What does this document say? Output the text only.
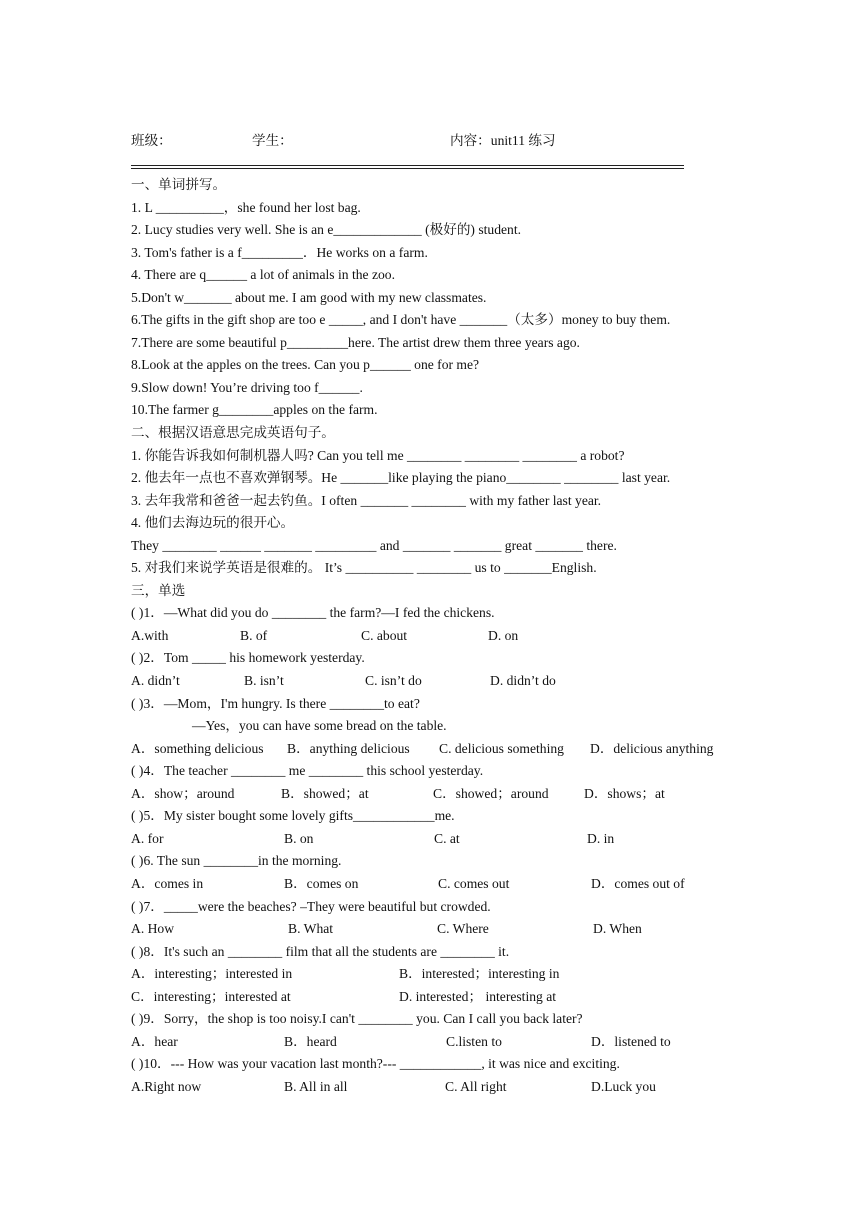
班级：	学生：	内容：unit11 练习
一、单词拼写。
1. L __________，she found her lost bag.
2. Lucy studies very well. She is an e_____________ (极好的) student.
3. Tom's father is a f_________．He works on a farm.
4. There are q______ a lot of animals in the zoo.
5.Don't w_______ about me. I am good with my new classmates.
6.The gifts in the gift shop are too e _____, and I don't have _______（太多）money to buy them.
7.There are some beautiful p_________here. The artist drew them three years ago.
8.Look at the apples on the trees. Can you p______ one for me?
9.Slow down! You’re driving too f______.
10.The farmer g________apples on the farm.
二、根据汉语意思完成英语句子。
1. 你能告诉我如何制机器人吗? Can you tell me ________ ________ ________ a robot?
2. 他去年一点也不喜欢弹钢琴。He _______like playing the piano________ ________ last year.
3. 去年我常和爸爸一起去钓鱼。I often _______ ________ with my father last year.
4. 他们去海边玩的很开心。
They ________ ______ _______ _________ and _______ _______ great _______ there.
5. 对我们来说学英语是很难的。 It’s __________ ________ us to _______English.
三，单选
( )1．—What did you do ________ the farm?—I fed the chickens.
A.with	B. of	C. about	D. on
( )2．Tom _____ his homework yesterday.
A. didn’t	B. isn’t	C. isn’t do	D. didn’t do
( )3．—Mom，I'm hungry. Is there ________to eat?
—Yes，you can have some bread on the table.
A．something delicious B．anything delicious C. delicious something D．delicious anything
( )4．The teacher ________ me ________ this school yesterday.
A．show；around	B．showed；at	C．showed；around	D．shows；at
( )5．My sister bought some lovely gifts____________me.
A. for	B. on	C. at	D. in
( )6. The sun ________in the morning.
A．comes in	B．comes on	C. comes out	D．comes out of
( )7．_____were the beaches? –They were beautiful but crowded.
A. How	B. What	C. Where	D. When
( )8．It's such an ________ film that all the students are ________ it.
A．interesting；interested in	B．interested；interesting in
C．interesting；interested at	D. interested； interesting at
( )9．Sorry，the shop is too noisy.I can't ________ you. Can I call you back later?
A．hear	B．heard	C.listen to	D．listened to
( )10．--- How was your vacation last month?--- ____________, it was nice and exciting.
A.Right now	B. All in all	C. All right	D.Luck you
